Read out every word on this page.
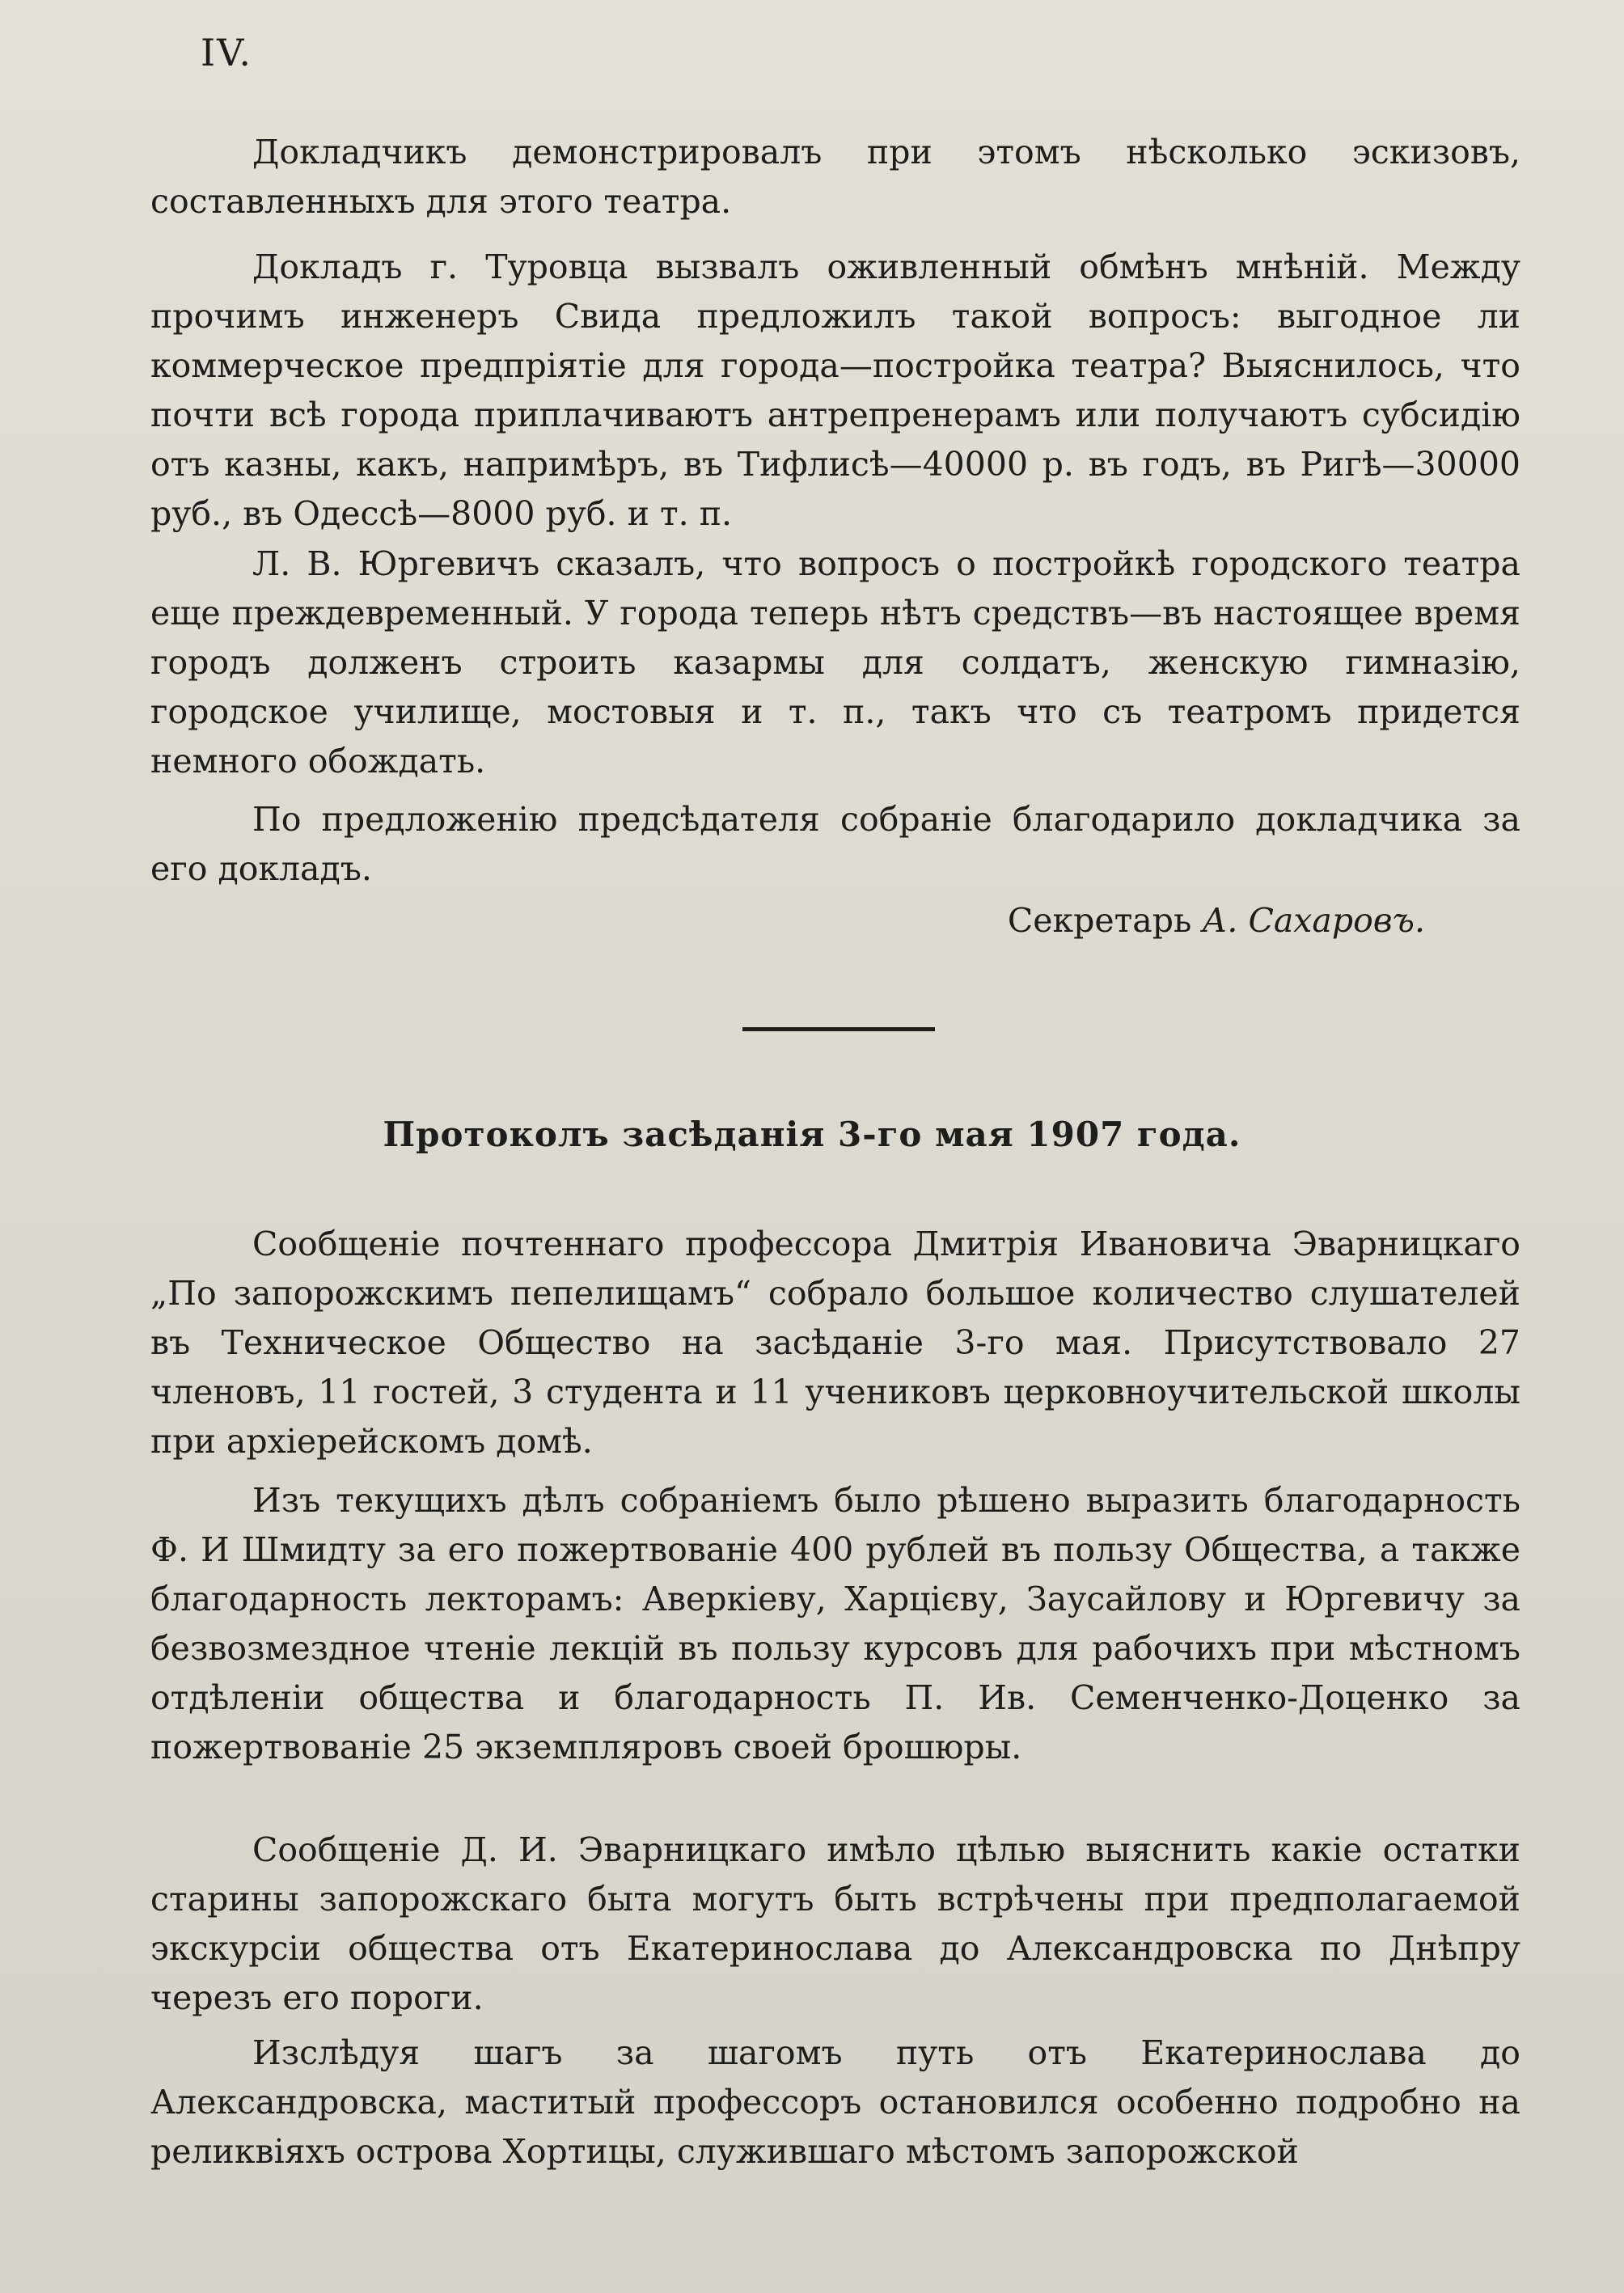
IV.

Докладчикъ демонстрировалъ при этомъ нѣсколько эскизовъ, составленныхъ для этого театра.

Докладъ г. Туровца вызвалъ оживленный обмѣнъ мнѣній. Между прочимъ инженеръ Свида предложилъ такой вопросъ: выгодное ли коммерческое предпріятіе для города—постройка театра? Выяснилось, что почти всѣ города приплачиваютъ антрепренерамъ или получаютъ субсидію отъ казны, какъ, напримѣръ, въ Тифлисѣ—40000 р. въ годъ, въ Ригѣ—30000 руб., въ Одессѣ—8000 руб. и т. п.

Л. В. Юргевичъ сказалъ, что вопросъ о постройкѣ городского театра еще преждевременный. У города теперь нѣтъ средствъ—въ настоящее время городъ долженъ строить казармы для солдатъ, женскую гимназію, городское училище, мостовыя и т. п., такъ что съ театромъ придется немного обождать.

По предложенію предсѣдателя собраніе благодарило докладчика за его докладъ.

Секретарь А. Сахаровъ.
Протоколъ засѣданія 3-го мая 1907 года.

Сообщеніе почтеннаго профессора Дмитрія Ивановича Эварницкаго „По запорожскимъ пепелищамъ“ собрало большое количество слушателей въ Техническое Общество на засѣданіе 3-го мая. Присутствовало 27 членовъ, 11 гостей, 3 студента и 11 учениковъ церковноучительской школы при архіерейскомъ домѣ.

Изъ текущихъ дѣлъ собраніемъ было рѣшено выразить благодарность Ф. И Шмидту за его пожертвованіе 400 рублей въ пользу Общества, а также благодарность лекторамъ: Аверкіеву, Харцієву, Заусайлову и Юргевичу за безвозмездное чтеніе лекцій въ пользу курсовъ для рабочихъ при мѣстномъ отдѣленіи общества и благодарность П. Ив. Семенченко-Доценко за пожертвованіе 25 экземпляровъ своей брошюры.

Сообщеніе Д. И. Эварницкаго имѣло цѣлью выяснить какіе остатки старины запорожскаго быта могутъ быть встрѣчены при предполагаемой экскурсіи общества отъ Екатеринослава до Александровска по Днѣпру черезъ его пороги.

Изслѣдуя шагъ за шагомъ путь отъ Екатеринослава до Александровска, маститый профессоръ остановился особенно подробно на реликвіяхъ острова Хортицы, служившаго мѣстомъ запорожской
